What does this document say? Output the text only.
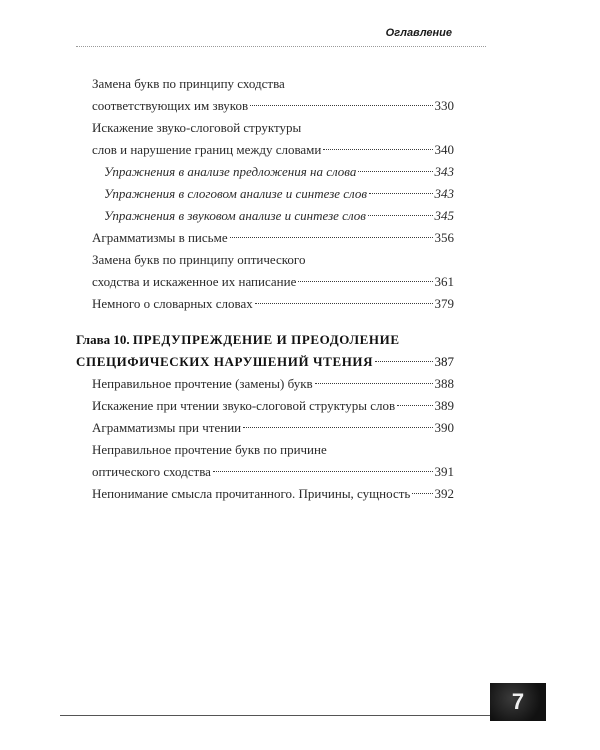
Оглавление
Замена букв по принципу сходства
соответствующих им звуков	330
Искажение звуко-слоговой структуры
слов и нарушение границ между словами	340
Упражнения в анализе предложения на слова	343
Упражнения в слоговом анализе и синтезе слов	343
Упражнения в звуковом анализе и синтезе слов	345
Аграмматизмы в письме	356
Замена букв по принципу оптического
сходства и искаженное их написание	361
Немного о словарных словах	379
Глава 10. ПРЕДУПРЕЖДЕНИЕ И ПРЕОДОЛЕНИЕ
СПЕЦИФИЧЕСКИХ НАРУШЕНИЙ ЧТЕНИЯ	387
Неправильное прочтение (замены) букв	388
Искажение при чтении звуко-слоговой структуры слов	389
Аграмматизмы при чтении	390
Неправильное прочтение букв по причине
оптического сходства	391
Непонимание смысла прочитанного. Причины, сущность 392
7
